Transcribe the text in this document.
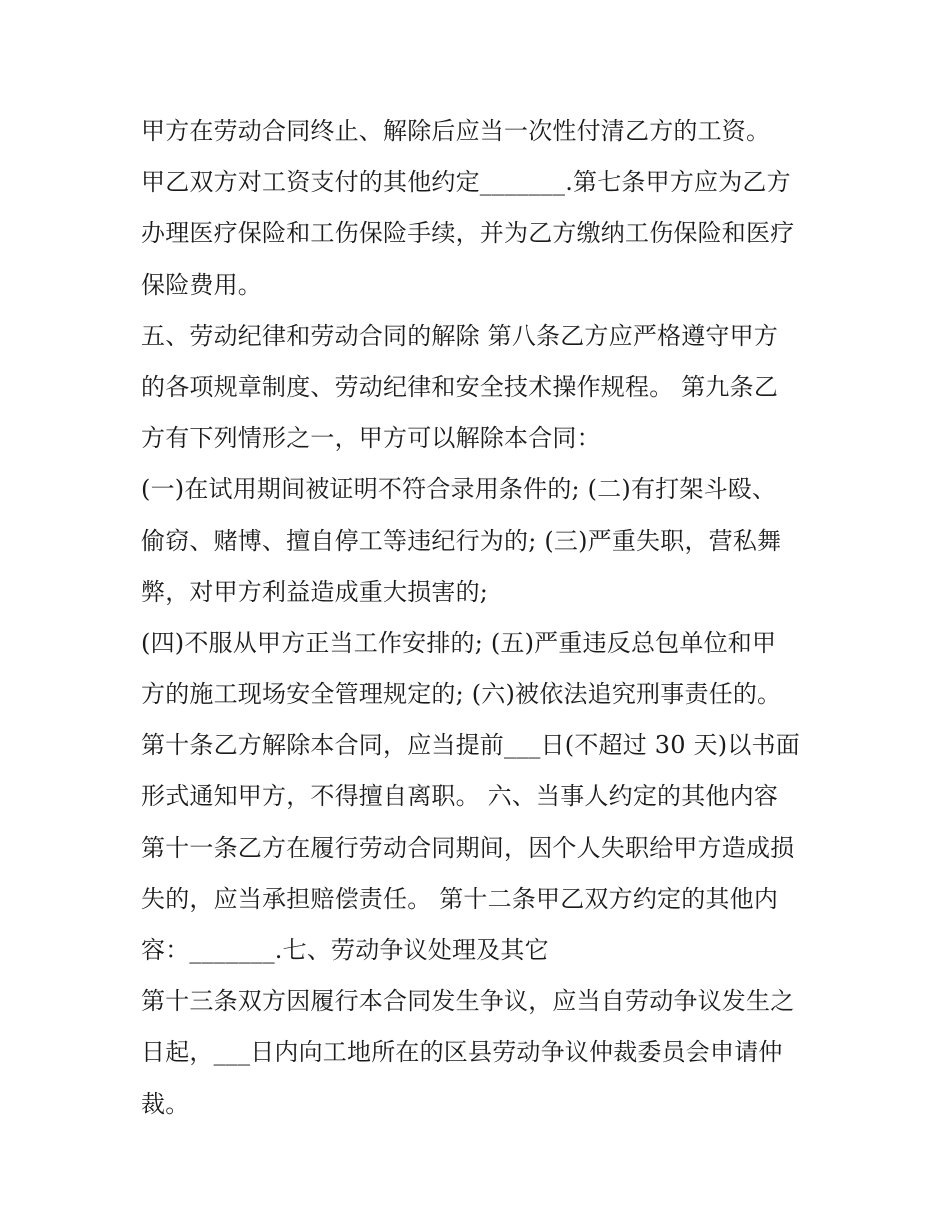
甲方在劳动合同终止、解除后应当一次性付清乙方的工资。
甲乙双方对工资支付的其他约定_______.第七条甲方应为乙方
办理医疗保险和工伤保险手续，并为乙方缴纳工伤保险和医疗
保险费用。
五、劳动纪律和劳动合同的解除 第八条乙方应严格遵守甲方
的各项规章制度、劳动纪律和安全技术操作规程。 第九条乙
方有下列情形之一，甲方可以解除本合同：
(一)在试用期间被证明不符合录用条件的; (二)有打架斗殴、
偷窃、赌博、擅自停工等违纪行为的; (三)严重失职，营私舞
弊，对甲方利益造成重大损害的;
(四)不服从甲方正当工作安排的; (五)严重违反总包单位和甲
方的施工现场安全管理规定的; (六)被依法追究刑事责任的。
第十条乙方解除本合同，应当提前___日(不超过 30 天)以书面
形式通知甲方，不得擅自离职。 六、当事人约定的其他内容
第十一条乙方在履行劳动合同期间，因个人失职给甲方造成损
失的，应当承担赔偿责任。 第十二条甲乙双方约定的其他内
容：_______.七、劳动争议处理及其它
第十三条双方因履行本合同发生争议，应当自劳动争议发生之
日起，___日内向工地所在的区县劳动争议仲裁委员会申请仲
裁。
